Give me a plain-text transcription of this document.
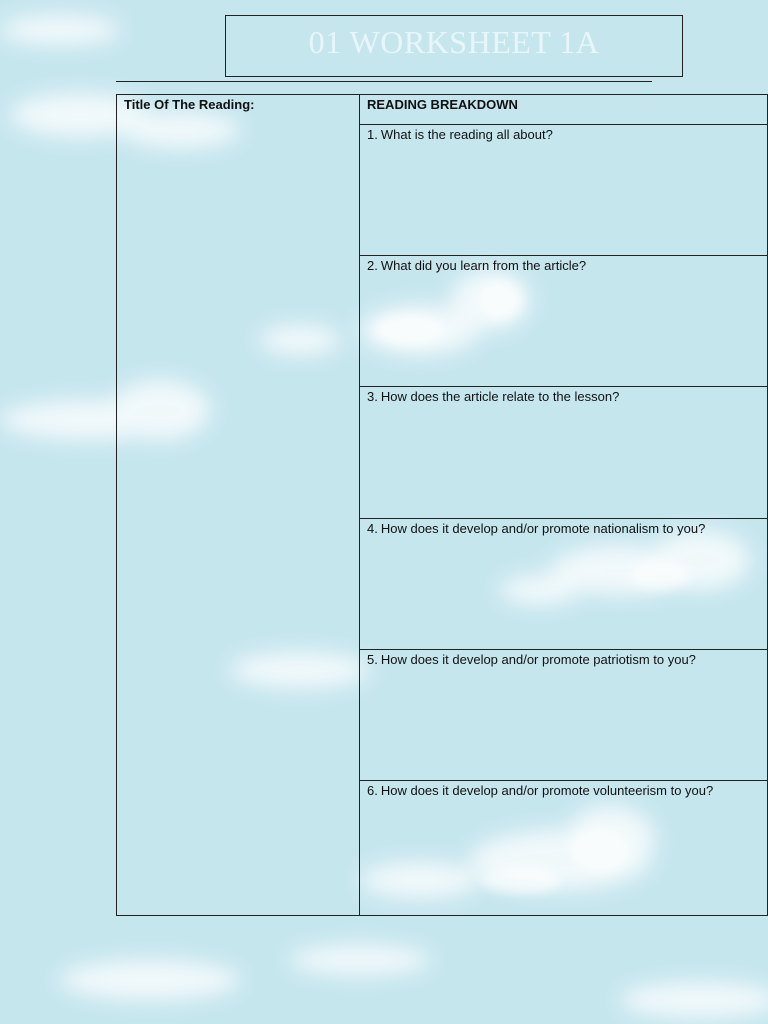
01 WORKSHEET 1A
Title Of The Reading:	READING BREAKDOWN
1. What is the reading all about?
2. What did you learn from the article?
3. How does the article relate to the lesson?
4. How does it develop and/or promote nationalism to you?
5. How does it develop and/or promote patriotism to you?
6. How does it develop and/or promote volunteerism to you?
